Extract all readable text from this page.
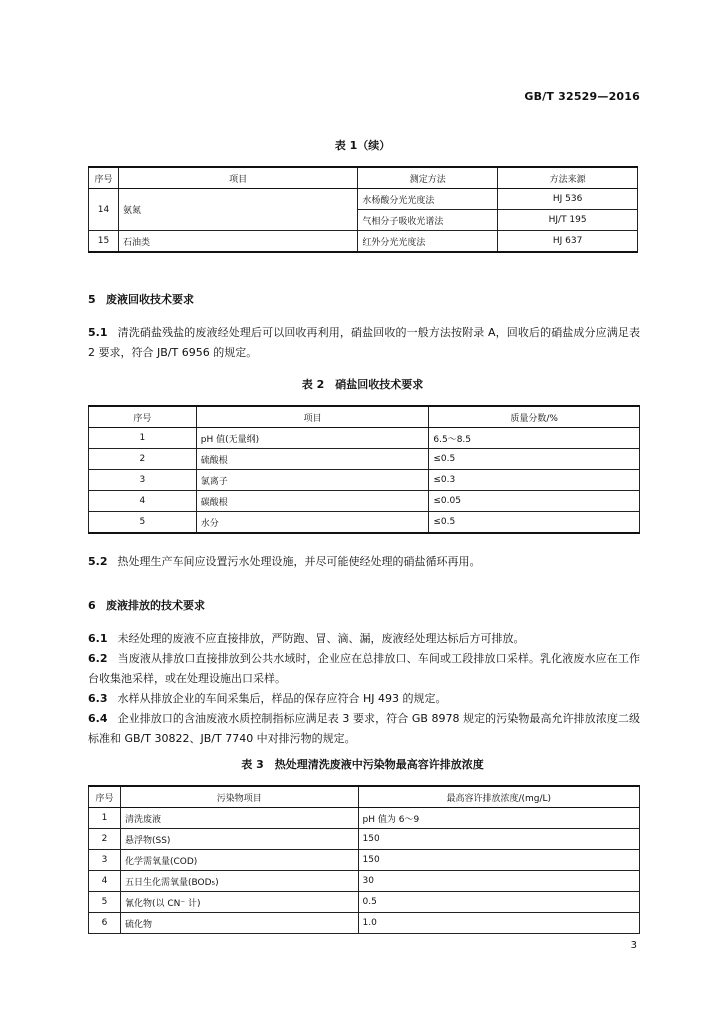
GB/T 32529—2016
表 1（续）
序号	项目	测定方法	方法来源
14	氨氮	水杨酸分光光度法	HJ 536
		气相分子吸收光谱法	HJ/T 195
15	石油类	红外分光光度法	HJ 637
5 废液回收技术要求
5.1 清洗硝盐残盐的废液经处理后可以回收再利用，硝盐回收的一般方法按附录 A，回收后的硝盐成分应满足表 2 要求，符合 JB/T 6956 的规定。
表 2　硝盐回收技术要求
序号	项目	质量分数/%
1	pH 值(无量纲)	6.5～8.5
2	硫酸根	≤0.5
3	氯离子	≤0.3
4	碳酸根	≤0.05
5	水分	≤0.5
5.2 热处理生产车间应设置污水处理设施，并尽可能使经处理的硝盐循环再用。
6 废液排放的技术要求
6.1 未经处理的废液不应直接排放，严防跑、冒、滴、漏，废液经处理达标后方可排放。
6.2 当废液从排放口直接排放到公共水域时，企业应在总排放口、车间或工段排放口采样。乳化液废水应在工作台收集池采样，或在处理设施出口采样。
6.3 水样从排放企业的车间采集后，样品的保存应符合 HJ 493 的规定。
6.4 企业排放口的含油废液水质控制指标应满足表 3 要求，符合 GB 8978 规定的污染物最高允许排放浓度二级标准和 GB/T 30822、JB/T 7740 中对排污物的规定。
表 3　热处理清洗废液中污染物最高容许排放浓度
序号	污染物项目	最高容许排放浓度/(mg/L)
1	清洗废液	pH 值为 6～9
2	悬浮物(SS)	150
3	化学需氧量(COD)	150
4	五日生化需氧量(BOD₅)	30
5	氰化物(以 CN⁻ 计)	0.5
6	硫化物	1.0
3
